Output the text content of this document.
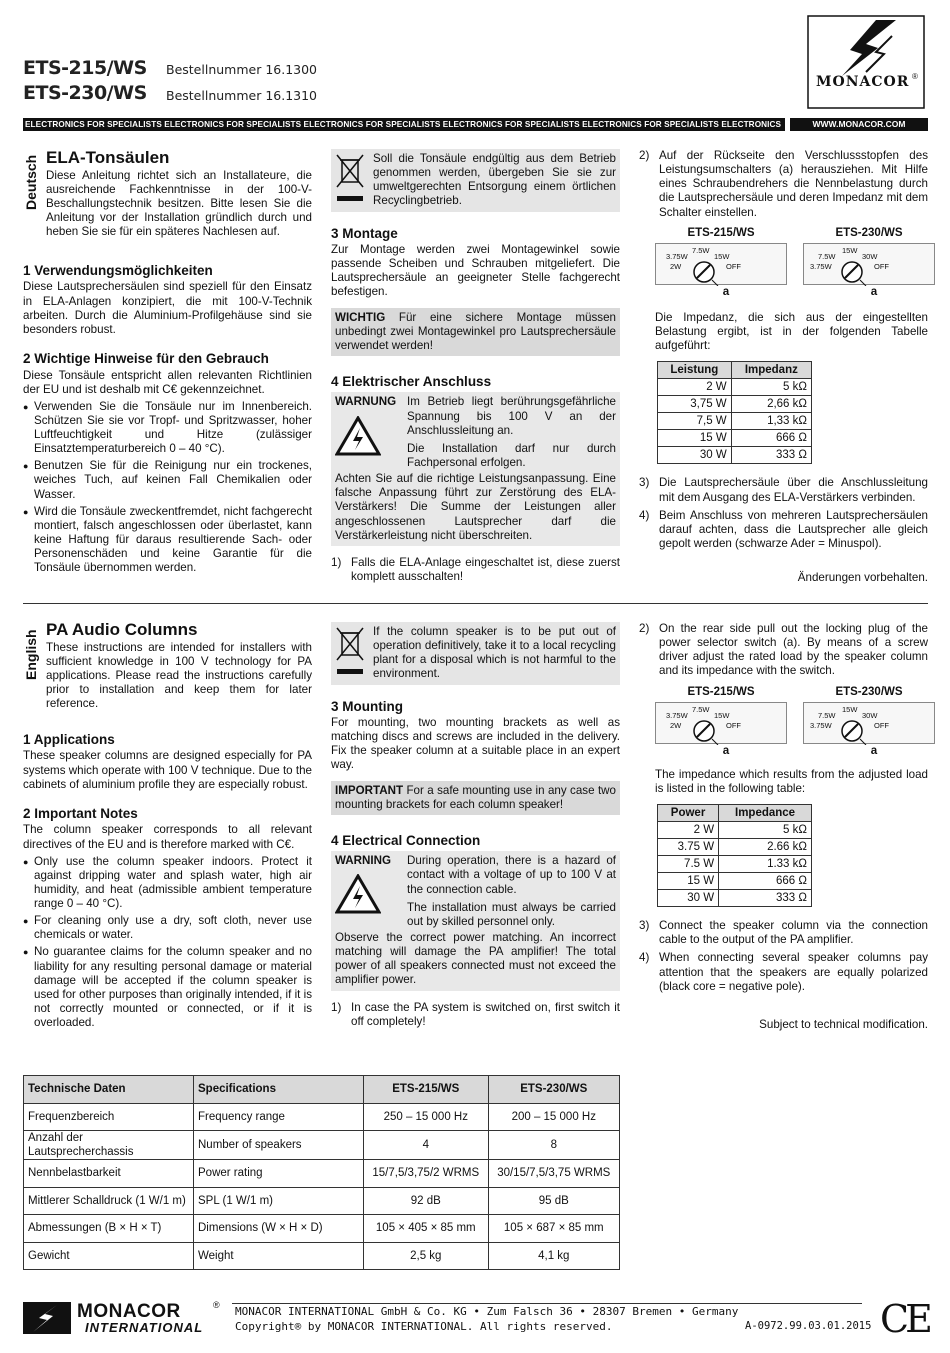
ETS-215/WS Bestellnummer 16.1300
ETS-230/WS Bestellnummer 16.1310
MONACOR ®
ELECTRONICS FOR SPECIALISTS ELECTRONICS FOR SPECIALISTS ELECTRONICS FOR SPECIALISTS ELECTRONICS FOR SPECIALISTS ELECTRONICS FOR SPECIALISTS ELECTRONICS	WWW.MONACOR.COM
Deutsch ELA-Tonsäulen

Diese Anleitung richtet sich an Installateure, die ausreichende Fachkenntnisse in der 100-V-Beschallungstechnik besitzen. Bitte lesen Sie die Anleitung vor der Installation gründlich durch und heben Sie sie für ein späteres Nachlesen auf.

1 Verwendungsmöglichkeiten

Diese Lautsprechersäulen sind speziell für den Einsatz in ELA-Anlagen konzipiert, die mit 100-V-Technik arbeiten. Durch die Aluminium-Profilgehäuse sind sie besonders robust.

2 Wichtige Hinweise für den Gebrauch

Diese Tonsäule entspricht allen relevanten Richtlinien der EU und ist deshalb mit C€ gekennzeichnet.

● Verwenden Sie die Tonsäule nur im Innenbereich. Schützen Sie sie vor Tropf- und Spritzwasser, hoher Luftfeuchtigkeit und Hitze (zulässiger Einsatztemperaturbereich 0 – 40 °C).
● Benutzen Sie für die Reinigung nur ein trockenes, weiches Tuch, auf keinen Fall Chemikalien oder Wasser.
● Wird die Tonsäule zweckentfremdet, nicht fachgerecht montiert, falsch angeschlossen oder überlastet, kann keine Haftung für daraus resultierende Sach- oder Personenschäden und keine Garantie für die Tonsäule übernommen werden.

Soll die Tonsäule endgültig aus dem Betrieb genommen werden, übergeben Sie sie zur umweltgerechten Entsorgung einem örtlichen Recyclingbetrieb.

3 Montage

Zur Montage werden zwei Montagewinkel sowie passende Scheiben und Schrauben mitgeliefert. Die Lautsprechersäule an geeigneter Stelle fachgerecht befestigen.

WICHTIG Für eine sichere Montage müssen unbedingt zwei Montagewinkel pro Lautsprechersäule verwendet werden!
4 Elektrischer Anschluss
WARNUNG Im Betrieb liegt berührungsgefährliche Spannung bis 100 V an der Anschlussleitung an.

Die Installation darf nur durch Fachpersonal erfolgen.

Achten Sie auf die richtige Leistungsanpassung. Eine falsche Anpassung führt zur Zerstörung des ELA-Verstärkers! Die Summe der Leistungen aller angeschlossenen Lautsprecher darf die Verstärkerleistung nicht überschreiten.

1) Falls die ELA-Anlage eingeschaltet ist, diese zuerst komplett ausschalten!
2) Auf der Rückseite den Verschlussstopfen des Leistungsumschalters (a) herausziehen. Mit Hilfe eines Schraubendrehers die Nennbelastung durch die Lautsprechersäule und deren Impedanz mit dem Schalter einstellen.
ETS-215/WS
3.75W
7.5W
2W
15W
OFF
a
ETS-230/WS
7.5W
15W
3.75W
30W
OFF
a

Die Impedanz, die sich aus der eingestellten Belastung ergibt, ist in der folgenden Tabelle aufgeführt:

Leistung	Impedanz
2 W	5 kΩ
3,75 W	2,66 kΩ
7,5 W	1,33 kΩ
15 W	666 Ω
30 W	333 Ω
3) Die Lautsprechersäule über die Anschlussleitung mit dem Ausgang des ELA-Verstärkers verbinden.
4) Beim Anschluss von mehreren Lautsprechersäulen darauf achten, dass die Lautsprecher alle gleich gepolt werden (schwarze Ader = Minuspol).

Änderungen vorbehalten.

English PA Audio Columns

These instructions are intended for installers with sufficient knowledge in 100 V technology for PA applications. Please read the instructions carefully prior to installation and keep them for later reference.

1 Applications

These speaker columns are designed especially for PA systems which operate with 100 V technique. Due to the cabinets of aluminium profile they are especially robust.

2 Important Notes

The column speaker corresponds to all relevant directives of the EU and is therefore marked with C€.

● Only use the column speaker indoors. Protect it against dripping water and splash water, high air humidity, and heat (admissible ambient temperature range 0 – 40 °C).
● For cleaning only use a dry, soft cloth, never use chemicals or water.
● No guarantee claims for the column speaker and no liability for any resulting personal damage or material damage will be accepted if the column speaker is used for other purposes than originally intended, if it is not correctly mounted or connected, or if it is overloaded.

If the column speaker is to be put out of operation definitively, take it to a local recycling plant for a disposal which is not harmful to the environment.

3 Mounting

For mounting, two mounting brackets as well as matching discs and screws are included in the delivery. Fix the speaker column at a suitable place in an expert way.

IMPORTANT For a safe mounting use in any case two mounting brackets for each column speaker!
4 Electrical Connection
WARNING	During operation, there is a hazard of contact with a voltage of up to 100 V at the connection cable.

The installation must always be carried out by skilled personnel only.

Observe the correct power matching. An incorrect matching will damage the PA amplifier! The total power of all speakers connected must not exceed the amplifier power.

1) In case the PA system is switched on, first switch it off completely!
2) On the rear side pull out the locking plug of the power selector switch (a). By means of a screw driver adjust the rated load by the speaker column and its impedance with the switch.
ETS-215/WS
3.75W
7.5W
2W
15W
OFF
a
ETS-230/WS
7.5W
15W
3.75W
30W
OFF
a

The impedance which results from the adjusted load is listed in the following table:

Power	Impedance
2 W	5 kΩ
3.75 W	2.66 kΩ
7.5 W	1.33 kΩ
15 W	666 Ω
30 W	333 Ω
3) Connect the speaker column via the connection cable to the output of the PA amplifier.
4) When connecting several speaker columns pay attention that the speakers are equally polarized (black core = negative pole).

Subject to technical modification.

Technische Daten	Specifications	ETS-215/WS	ETS-230/WS
Frequenzbereich	Frequency range	250 – 15 000 Hz	200 – 15 000 Hz
Anzahl der Lautsprecherchassis	Number of speakers	4	8
Nennbelastbarkeit	Power rating	15/7,5/3,75/2 WRMS	30/15/7,5/3,75 WRMS
Mittlerer Schalldruck (1 W/1 m)	SPL (1 W/1 m)	92 dB	95 dB
Abmessungen (B × H × T)	Dimensions (W × H × D)	105 × 405 × 85 mm	105 × 687 × 85 mm
Gewicht	Weight	2,5 kg	4,1 kg
MONACOR	®
INTERNATIONAL
MONACOR INTERNATIONAL GmbH & Co. KG • Zum Falsch 36 • 28307 Bremen • Germany
Copyright® by MONACOR INTERNATIONAL. All rights reserved.	A-0972.99.03.01.2015 CE
